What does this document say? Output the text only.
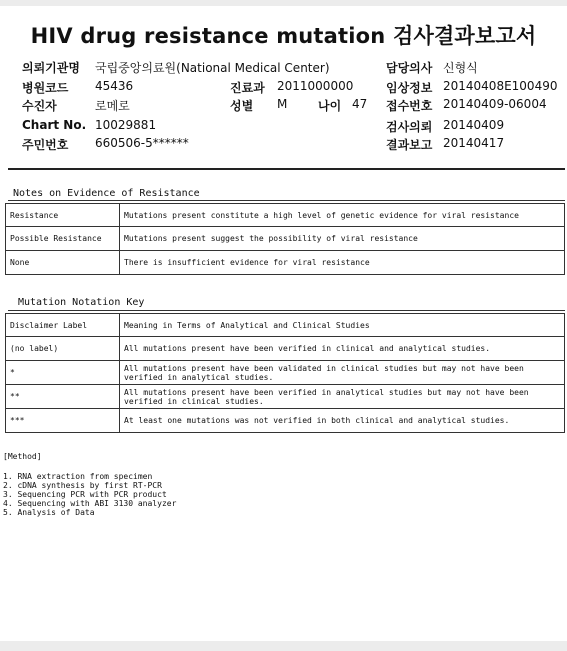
HIV drug resistance mutation 검사결과보고서
의뢰기관명 국립중앙의료원(National Medical Center)
병원코드 45436
수진자	로메로
Chart No. 10029881
주민번호 660506-5******
진료과 2011000000
성별 M	나이 47
담당의사 신형식
임상정보 20140408E100490
접수번호 20140409-06004
검사의뢰 20140409
결과보고 20140417
Notes on Evidence of Resistance
Resistance	Mutations present constitute a high level of genetic evidence for viral resistance
Possible Resistance	Mutations present suggest the possibility of viral resistance
None	There is insufficient evidence for viral resistance
Mutation Notation Key
Disclaimer Label	Meaning in Terms of Analytical and Clinical Studies
(no label)	All mutations present have been verified in clinical and analytical studies.
*	All mutations present have been validated in clinical studies but may not have been verified in analytical studies.
**	All mutations present have been verified in analytical studies but may not have been verified in clinical studies.
***	At least one mutations was not verified in both clinical and analytical studies.
[Method]
1. RNA extraction from specimen
2. cDNA synthesis by first RT-PCR
3. Sequencing PCR with PCR product
4. Sequencing with ABI 3130 analyzer
5. Analysis of Data
